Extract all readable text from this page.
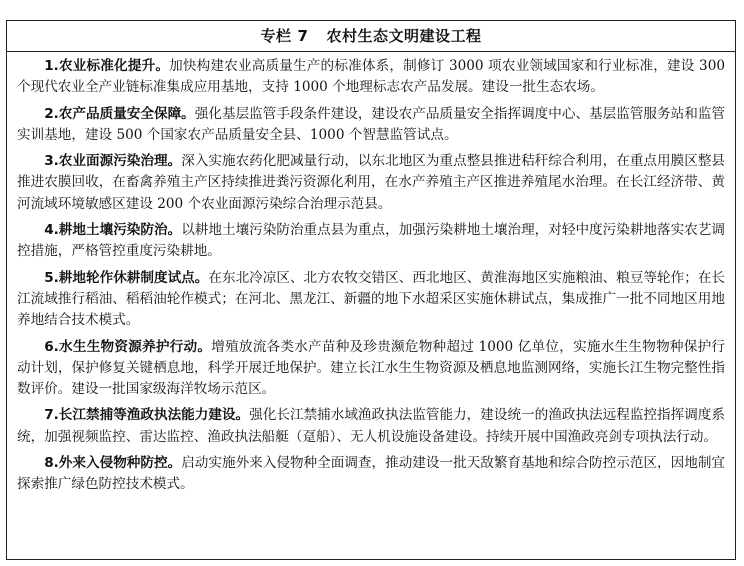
专栏 7 农村生态文明建设工程

1.农业标准化提升。加快构建农业高质量生产的标准体系，制修订 3000 项农业领域国家和行业标准，建设 300 个现代农业全产业链标准集成应用基地，支持 1000 个地理标志农产品发展。建设一批生态农场。

2.农产品质量安全保障。强化基层监管手段条件建设，建设农产品质量安全指挥调度中心、基层监管服务站和监管实训基地，建设 500 个国家农产品质量安全县、1000 个智慧监管试点。

3.农业面源污染治理。深入实施农药化肥减量行动，以东北地区为重点整县推进秸秆综合利用，在重点用膜区整县推进农膜回收，在畜禽养殖主产区持续推进粪污资源化利用，在水产养殖主产区推进养殖尾水治理。在长江经济带、黄河流域环境敏感区建设 200 个农业面源污染综合治理示范县。

4.耕地土壤污染防治。以耕地土壤污染防治重点县为重点，加强污染耕地土壤治理，对轻中度污染耕地落实农艺调控措施，严格管控重度污染耕地。

5.耕地轮作休耕制度试点。在东北冷凉区、北方农牧交错区、西北地区、黄淮海地区实施粮油、粮豆等轮作；在长江流域推行稻油、稻稻油轮作模式；在河北、黑龙江、新疆的地下水超采区实施休耕试点，集成推广一批不同地区用地养地结合技术模式。

6.水生生物资源养护行动。增殖放流各类水产苗种及珍贵濒危物种超过 1000 亿单位，实施水生生物物种保护行动计划，保护修复关键栖息地，科学开展迁地保护。建立长江水生生物资源及栖息地监测网络，实施长江生物完整性指数评价。建设一批国家级海洋牧场示范区。

7.长江禁捕等渔政执法能力建设。强化长江禁捕水域渔政执法监管能力，建设统一的渔政执法远程监控指挥调度系统，加强视频监控、雷达监控、渔政执法船艇（趸船）、无人机设施设备建设。持续开展中国渔政亮剑专项执法行动。

8.外来入侵物种防控。启动实施外来入侵物种全面调查，推动建设一批天敌繁育基地和综合防控示范区，因地制宜探索推广绿色防控技术模式。
